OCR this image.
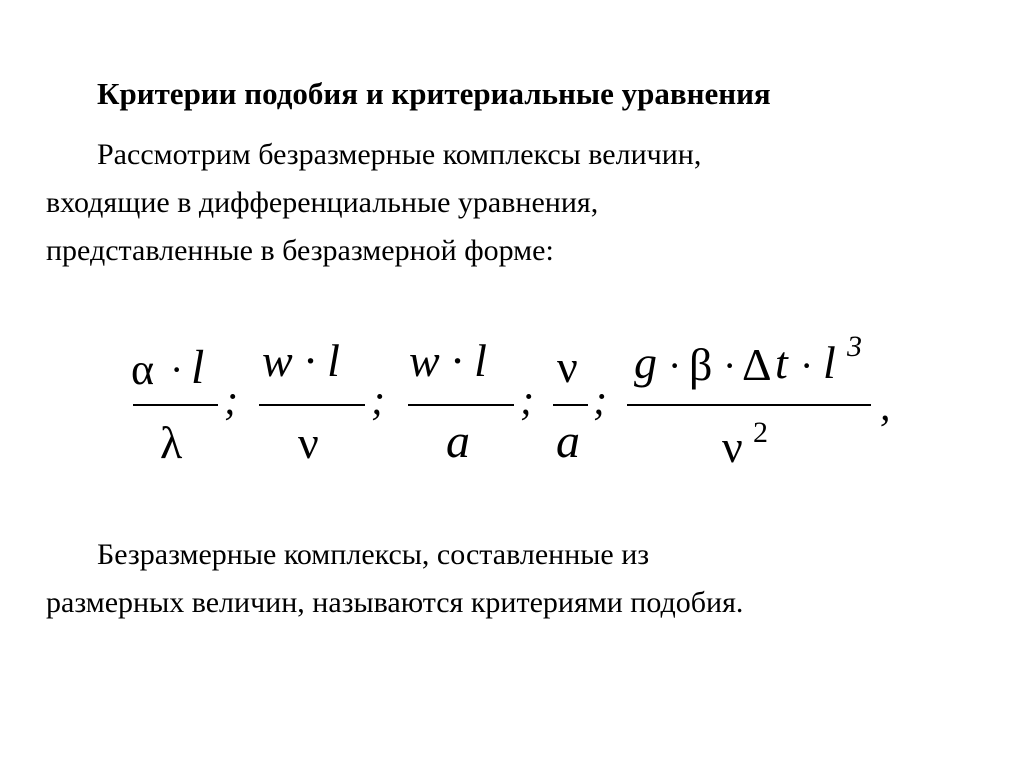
Критерии подобия и критериальные уравнения
Рассмотрим безразмерные комплексы величин,
входящие в дифференциальные уравнения,
представленные в безразмерной форме:
α · l
λ
;
w · l
ν
;
w · l
a
;
ν
a
;
g · β · Δ t · l 3
ν 2
,
Безразмерные комплексы, составленные из
размерных величин, называются критериями подобия.
